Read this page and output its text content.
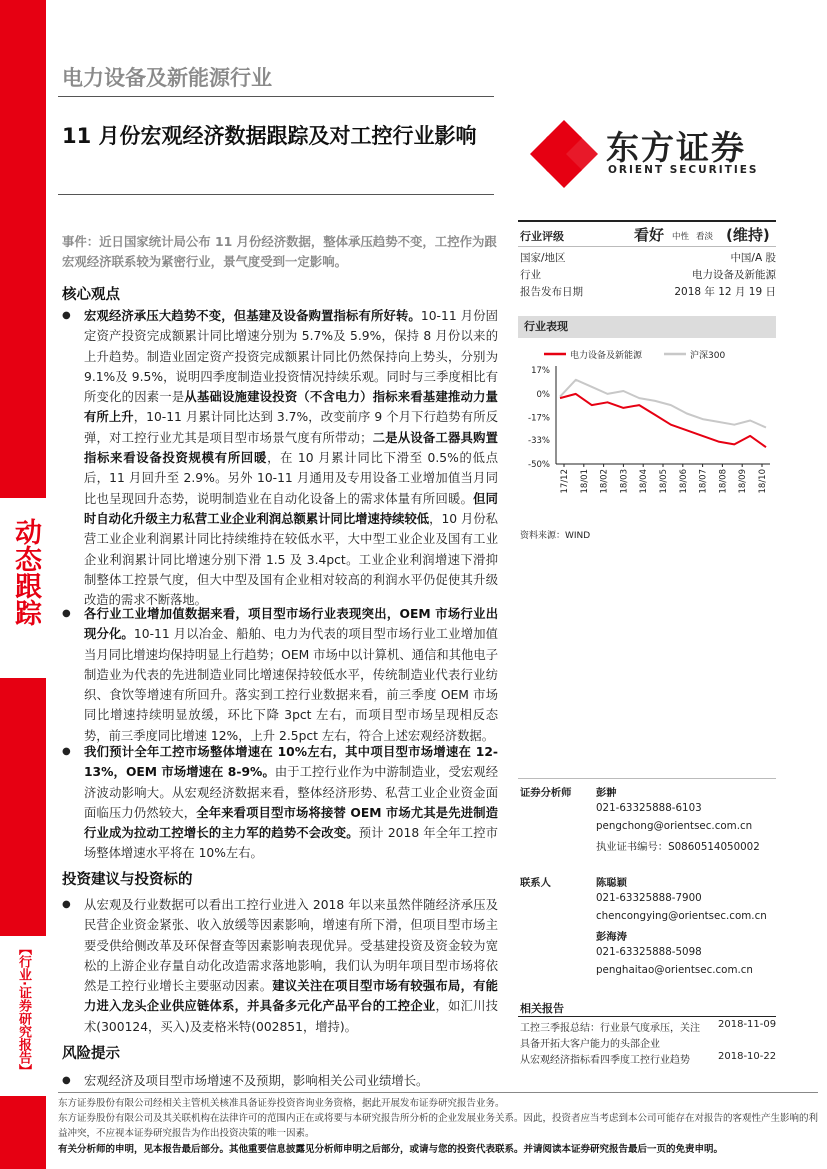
动态跟踪
【行业·证券研究报告】
电力设备及新能源行业
11 月份宏观经济数据跟踪及对工控行业影响	东方证券
ORIENT SECURITIES
事件：近日国家统计局公布 11 月份经济数据，整体承压趋势不变，工控作为跟宏观经济联系较为紧密行业，景气度受到一定影响。
核心观点
● 宏观经济承压大趋势不变，但基建及设备购置指标有所好转。10-11 月份固定资产投资完成额累计同比增速分别为 5.7%及 5.9%，保持 8 月份以来的上升趋势。制造业固定资产投资完成额累计同比仍然保持向上势头，分别为 9.1%及 9.5%，说明四季度制造业投资情况持续乐观。同时与三季度相比有所变化的因素一是从基础设施建设投资（不含电力）指标来看基建推动力量有所上升，10-11 月累计同比达到 3.7%，改变前序 9 个月下行趋势有所反弹，对工控行业尤其是项目型市场景气度有所带动；二是从设备工器具购置指标来看设备投资规模有所回暖，在 10 月累计同比下滑至 0.5%的低点后，11 月回升至 2.9%。另外 10-11 月通用及专用设备工业增加值当月同比也呈现回升态势，说明制造业在自动化设备上的需求体量有所回暖。但同时自动化升级主力私营工业企业利润总额累计同比增速持续较低，10 月份私营工业企业利润累计同比持续维持在较低水平，大中型工业企业及国有工业企业利润累计同比增速分别下滑 1.5 及 3.4pct。工业企业利润增速下滑抑制整体工控景气度，但大中型及国有企业相对较高的利润水平仍促使其升级改造的需求不断落地。
● 各行业工业增加值数据来看，项目型市场行业表现突出，OEM 市场行业出现分化。10-11 月以冶金、船舶、电力为代表的项目型市场行业工业增加值当月同比增速均保持明显上行趋势；OEM 市场中以计算机、通信和其他电子制造业为代表的先进制造业同比增速保持较低水平，传统制造业代表行业纺织、食饮等增速有所回升。落实到工控行业数据来看，前三季度 OEM 市场同比增速持续明显放缓，环比下降 3pct 左右，而项目型市场呈现相反态势，前三季度同比增速 12%，上升 2.5pct 左右，符合上述宏观经济数据。
● 我们预计全年工控市场整体增速在 10%左右，其中项目型市场增速在 12-13%，OEM 市场增速在 8-9%。由于工控行业作为中游制造业，受宏观经济波动影响大。从宏观经济数据来看，整体经济形势、私营工业企业资金面面临压力仍然较大，全年来看项目型市场将接替 OEM 市场尤其是先进制造行业成为拉动工控增长的主力军的趋势不会改变。预计 2018 年全年工控市场整体增速水平将在 10%左右。
投资建议与投资标的
● 从宏观及行业数据可以看出工控行业进入 2018 年以来虽然伴随经济承压及民营企业资金紧张、收入放缓等因素影响，增速有所下滑，但项目型市场主要受供给侧改革及环保督查等因素影响表现优异。受基建投资及资金较为宽松的上游企业存量自动化改造需求落地影响，我们认为明年项目型市场将依然是工控行业增长主要驱动因素。建议关注在项目型市场有较强布局，有能力进入龙头企业供应链体系，并具备多元化产品平台的工控企业，如汇川技术(300124，买入)及麦格米特(002851，增持)。
风险提示
● 宏观经济及项目型市场增速不及预期，影响相关公司业绩增长。
行业评级	看好 中性 看淡 (维持)
国家/地区	中国/A 股
行业	电力设备及新能源
报告发布日期	2018 年 12 月 19 日
行业表现
电力设备及新能源	沪深300
17%
0%
-17%
-33%
-50%
17/12 18/01 18/02 18/03 18/04 18/05 18/06 18/07 18/08 18/09 18/10
资料来源：WIND
证券分析师 彭翀
021-63325888-6103
pengchong@orientsec.com.cn
执业证书编号：S0860514050002
联系人	陈聪颖
021-63325888-7900
chencongying@orientsec.com.cn
彭海涛
021-63325888-5098
penghaitao@orientsec.com.cn
相关报告
工控三季报总结：行业景气度承压，关注
具备开拓大客户能力的头部企业
2018-11-09
从宏观经济指标看四季度工控行业趋势	2018-10-22
东方证券股份有限公司经相关主管机关核准具备证券投资咨询业务资格，据此开展发布证券研究报告业务。
东方证券股份有限公司及其关联机构在法律许可的范围内正在或将要与本研究报告所分析的企业发展业务关系。因此，投资者应当考虑到本公司可能存在对报告的客观性产生影响的利益冲突，不应视本证券研究报告为作出投资决策的唯一因素。
有关分析师的申明，见本报告最后部分。其他重要信息披露见分析师申明之后部分，或请与您的投资代表联系。并请阅读本证券研究报告最后一页的免责申明。
